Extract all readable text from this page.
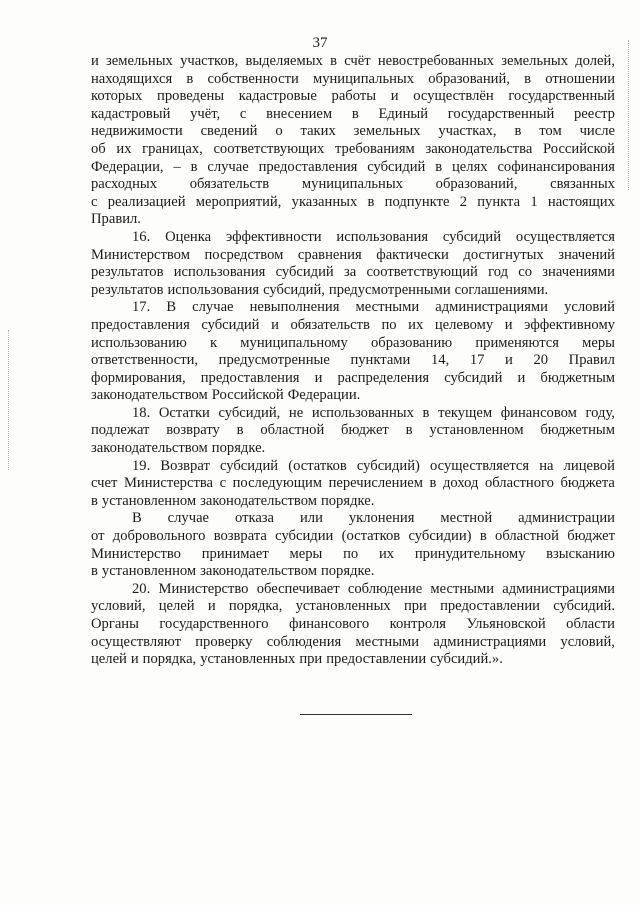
37
и земельных участков, выделяемых в счёт невостребованных земельных долей,
находящихся в собственности муниципальных образований, в отношении
которых проведены кадастровые работы и осуществлён государственный
кадастровый учёт, с внесением в Единый государственный реестр
недвижимости сведений о таких земельных участках, в том числе
об их границах, соответствующих требованиям законодательства Российской
Федерации, – в случае предоставления субсидий в целях софинансирования
расходных обязательств муниципальных образований, связанных
с реализацией мероприятий, указанных в подпункте 2 пункта 1 настоящих
Правил.
16. Оценка эффективности использования субсидий осуществляется
Министерством посредством сравнения фактически достигнутых значений
результатов использования субсидий за соответствующий год со значениями
результатов использования субсидий, предусмотренными соглашениями.
17. В случае невыполнения местными администрациями условий
предоставления субсидий и обязательств по их целевому и эффективному
использованию к муниципальному образованию применяются меры
ответственности, предусмотренные пунктами 14, 17 и 20 Правил
формирования, предоставления и распределения субсидий и бюджетным
законодательством Российской Федерации.
18. Остатки субсидий, не использованных в текущем финансовом году,
подлежат возврату в областной бюджет в установленном бюджетным
законодательством порядке.
19. Возврат субсидий (остатков субсидий) осуществляется на лицевой
счет Министерства с последующим перечислением в доход областного бюджета
в установленном законодательством порядке.
В случае отказа или уклонения местной администрации
от добровольного возврата субсидии (остатков субсидии) в областной бюджет
Министерство принимает меры по их принудительному взысканию
в установленном законодательством порядке.
20. Министерство обеспечивает соблюдение местными администрациями
условий, целей и порядка, установленных при предоставлении субсидий.
Органы государственного финансового контроля Ульяновской области
осуществляют проверку соблюдения местными администрациями условий,
целей и порядка, установленных при предоставлении субсидий.».
